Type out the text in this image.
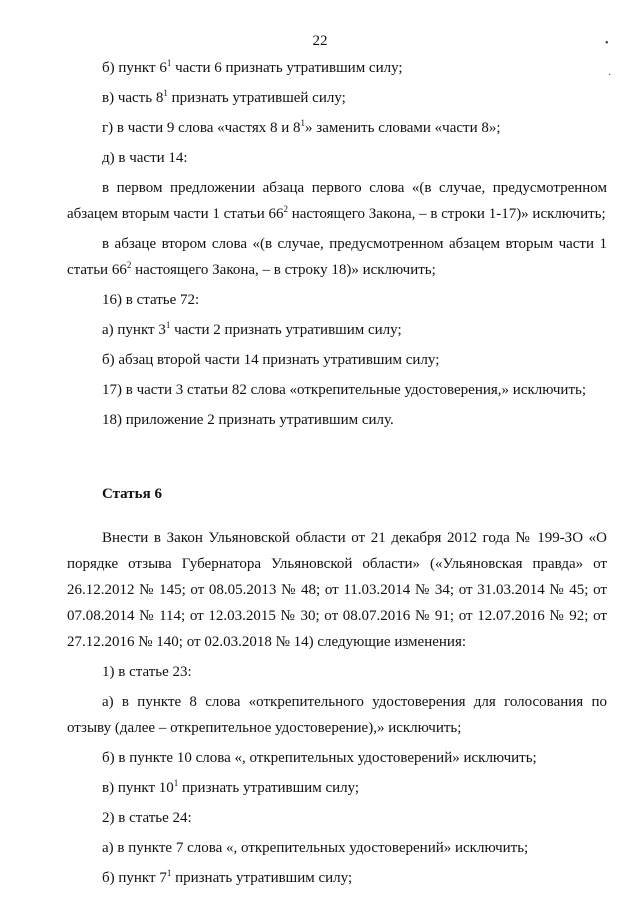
22	•
·

б) пункт $6^1$ части 6 признать утратившим силу;

в) часть $8^1$ признать утратившей силу;

г) в части 9 слова «частях 8 и $8^1$» заменить словами «части 8»;

д) в части 14:

в первом предложении абзаца первого слова «(в случае, предусмотренном абзацем вторым части 1 статьи $66^2$ настоящего Закона, – в строки 1-17)» исключить;

в абзаце втором слова «(в случае, предусмотренном абзацем вторым части 1 статьи $66^2$ настоящего Закона, – в строку 18)» исключить;

16) в статье 72:

а) пункт $3^1$ части 2 признать утратившим силу;

б) абзац второй части 14 признать утратившим силу;

17) в части 3 статьи 82 слова «открепительные удостоверения,» исключить;

18) приложение 2 признать утратившим силу.

Статья 6

Внести в Закон Ульяновской области от 21 декабря 2012 года № 199-ЗО «О порядке отзыва Губернатора Ульяновской области» («Ульяновская правда» от 26.12.2012 № 145; от 08.05.2013 № 48; от 11.03.2014 № 34; от 31.03.2014 № 45; от 07.08.2014 № 114; от 12.03.2015 № 30; от 08.07.2016 № 91; от 12.07.2016 № 92; от 27.12.2016 № 140; от 02.03.2018 № 14) следующие изменения:

1) в статье 23:

а) в пункте 8 слова «открепительного удостоверения для голосования по отзыву (далее – открепительное удостоверение),» исключить;

б) в пункте 10 слова «, открепительных удостоверений» исключить;

в) пункт $10^1$ признать утратившим силу;

2) в статье 24:

а) в пункте 7 слова «, открепительных удостоверений» исключить;

б) пункт $7^1$ признать утратившим силу;
